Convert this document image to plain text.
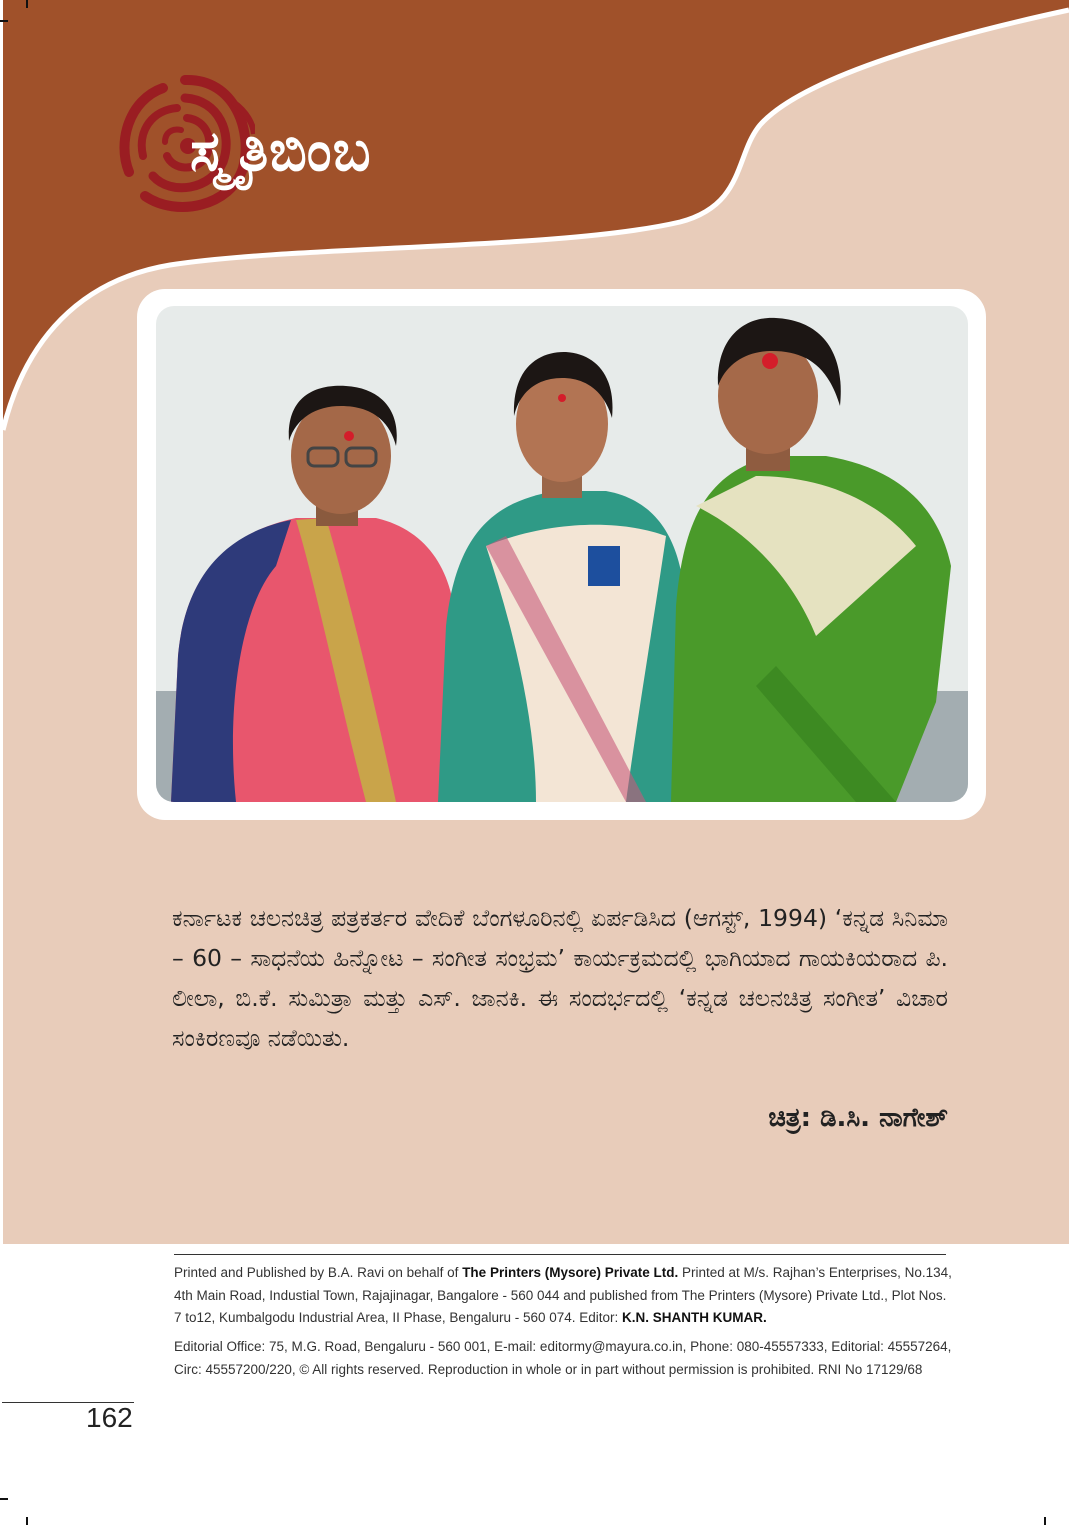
ಸ್ಮೃತಿಬಿಂಬ

ಕರ್ನಾಟಕ ಚಲನಚಿತ್ರ ಪತ್ರಕರ್ತರ ವೇದಿಕೆ ಬೆಂಗಳೂರಿನಲ್ಲಿ ಏರ್ಪಡಿಸಿದ (ಆಗಸ್ಟ್, 1994) ‘ಕನ್ನಡ ಸಿನಿಮಾ – 60 – ಸಾಧನೆಯ ಹಿನ್ನೋಟ – ಸಂಗೀತ ಸಂಭ್ರಮ’ ಕಾರ್ಯಕ್ರಮದಲ್ಲಿ ಭಾಗಿಯಾದ ಗಾಯಕಿಯರಾದ ಪಿ. ಲೀಲಾ, ಬಿ.ಕೆ. ಸುಮಿತ್ರಾ ಮತ್ತು ಎಸ್. ಜಾನಕಿ. ಈ ಸಂದರ್ಭದಲ್ಲಿ ‘ಕನ್ನಡ ಚಲನಚಿತ್ರ ಸಂಗೀತ’ ವಿಚಾರ ಸಂಕಿರಣವೂ ನಡೆಯಿತು.

ಚಿತ್ರ: ಡಿ.ಸಿ. ನಾಗೇಶ್

Printed and Published by B.A. Ravi on behalf of The Printers (Mysore) Private Ltd. Printed at M/s. Rajhan’s Enterprises, No.134, 4th Main Road, Industial Town, Rajajinagar, Bangalore - 560 044 and published from The Printers (Mysore) Private Ltd., Plot Nos. 7 to12, Kumbalgodu Industrial Area, II Phase, Bengaluru - 560 074. Editor: K.N. SHANTH KUMAR.

Editorial Office: 75, M.G. Road, Bengaluru - 560 001, E-mail: editormy@mayura.co.in, Phone: 080-45557333, Editorial: 45557264, Circ: 45557200/220, © All rights reserved. Reproduction in whole or in part without permission is prohibited. RNI No 17129/68

162
